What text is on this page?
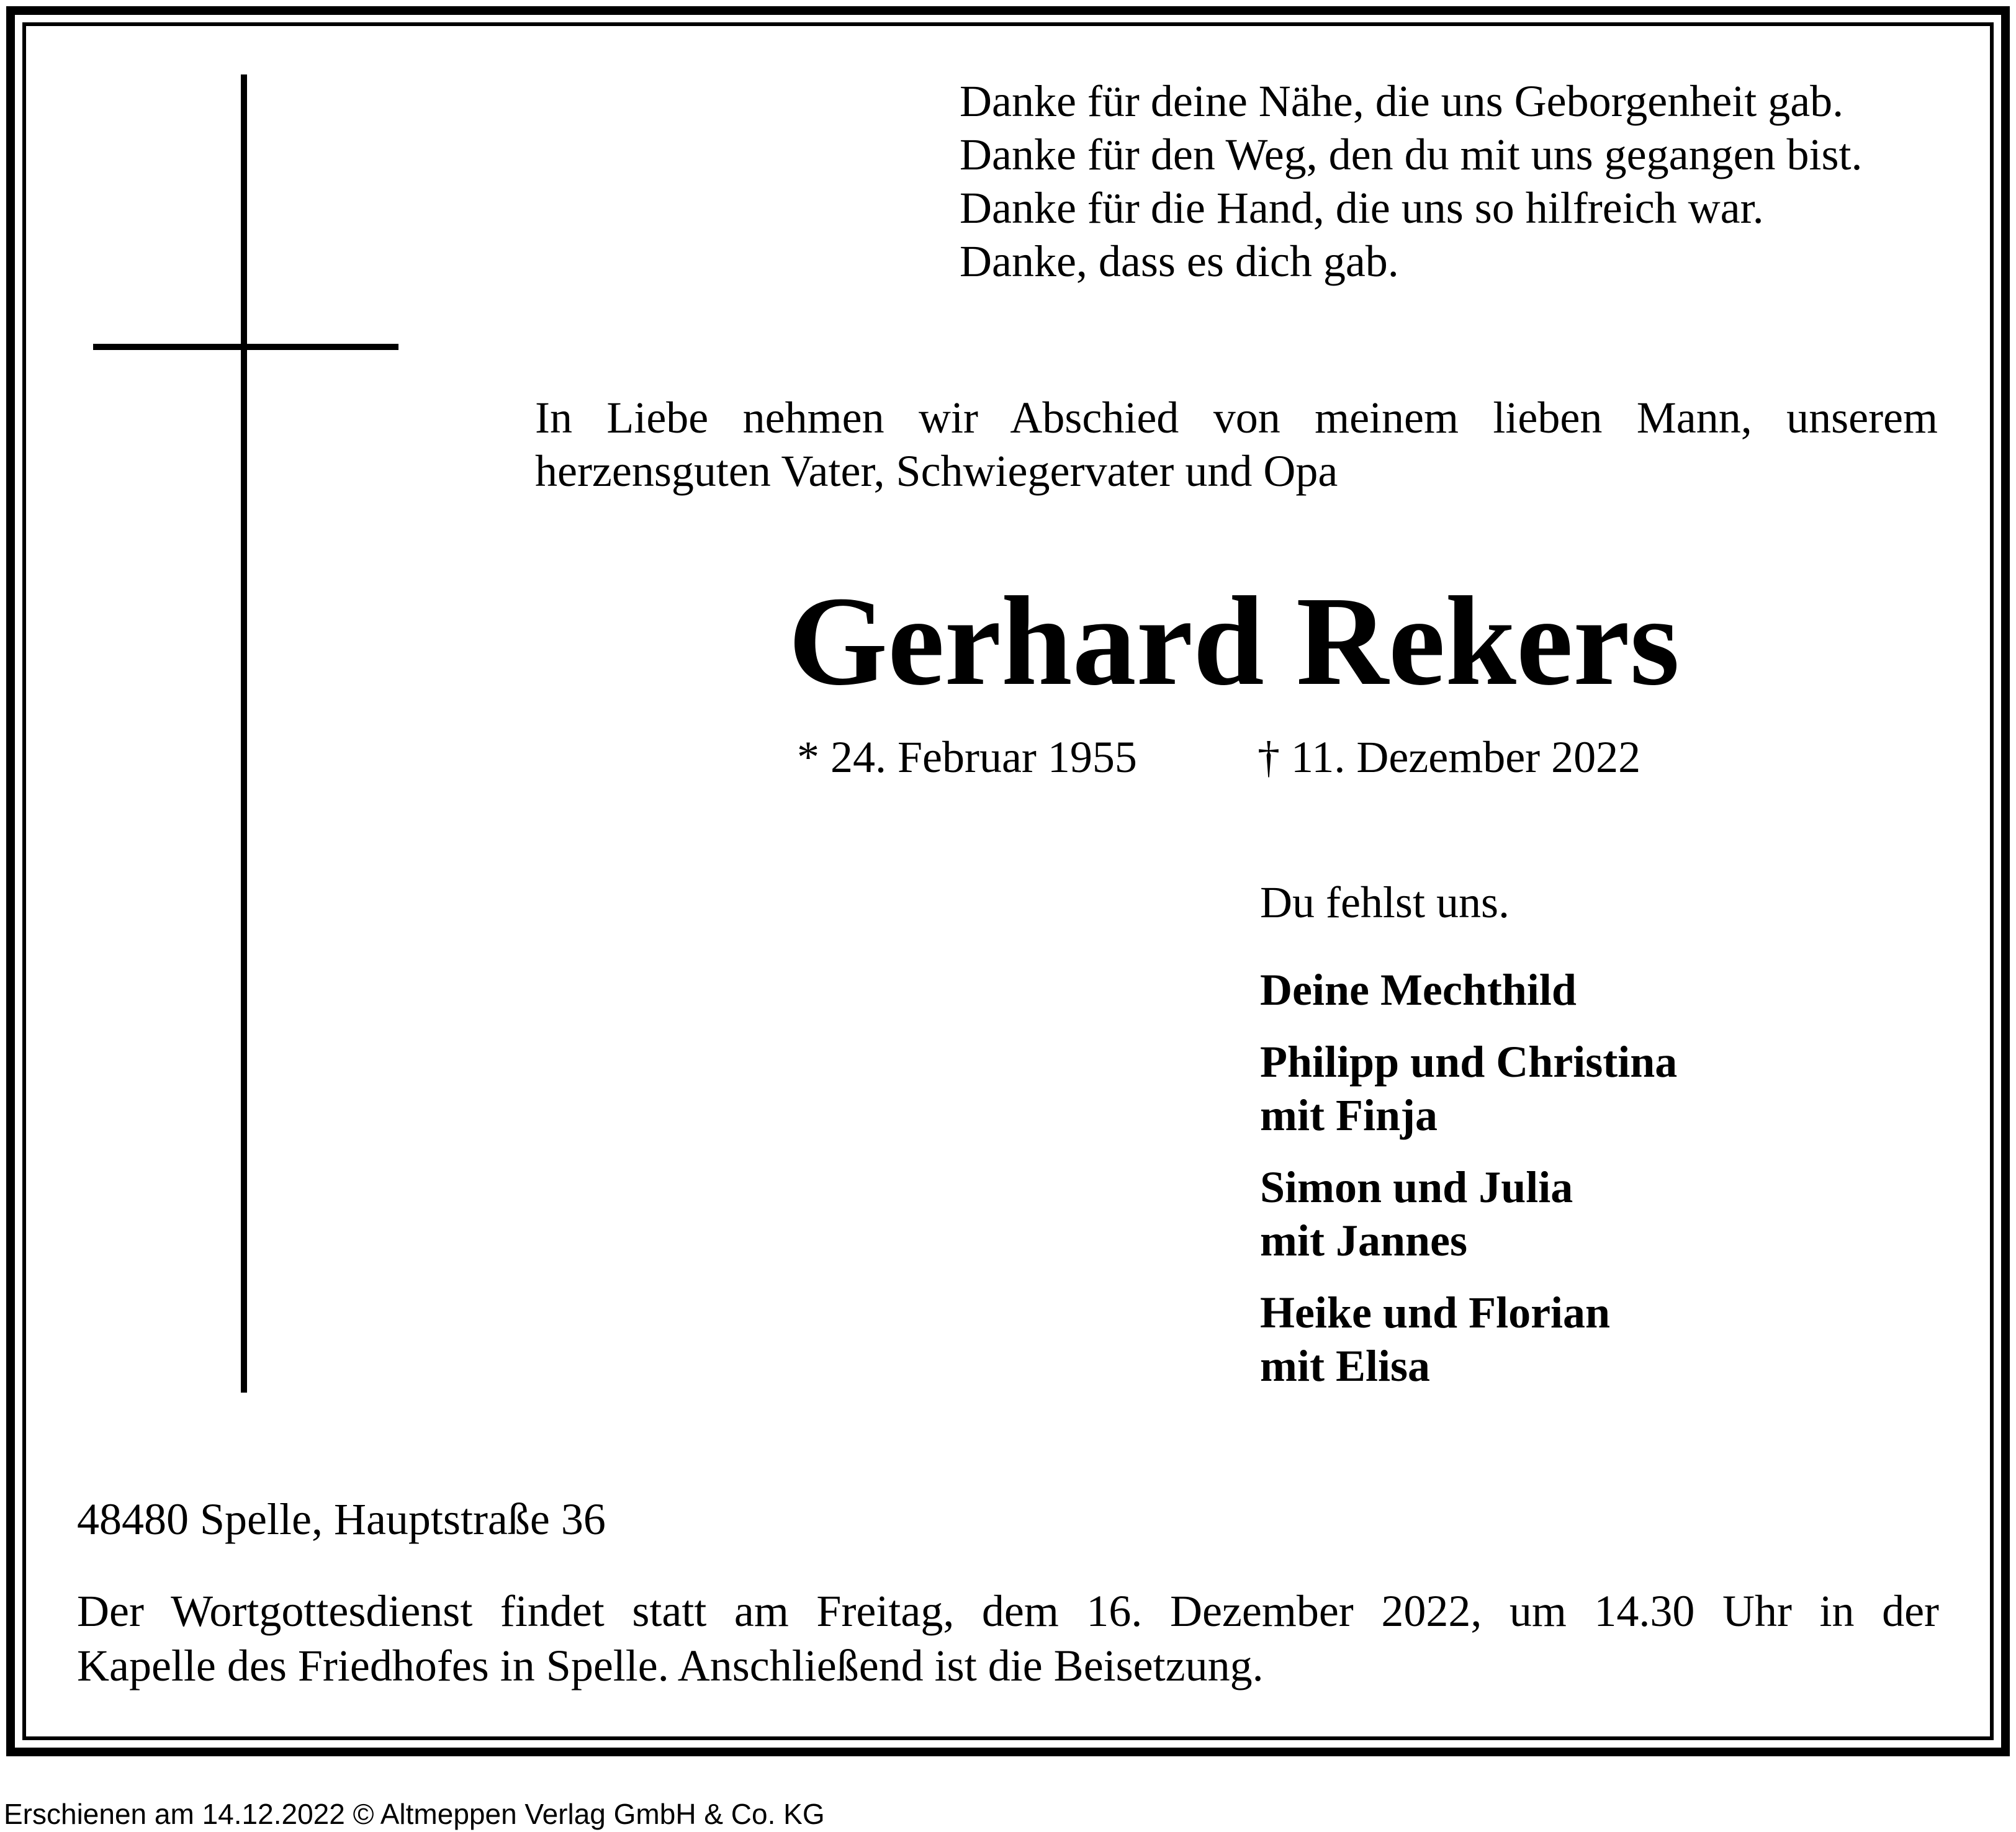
Danke für deine Nähe, die uns Geborgenheit gab.
Danke für den Weg, den du mit uns gegangen bist.
Danke für die Hand, die uns so hilfreich war.
Danke, dass es dich gab.
In Liebe nehmen wir Abschied von meinem lieben Mann, unserem
herzensguten Vater, Schwiegervater und Opa
Gerhard Rekers
* 24. Februar 1955	† 11. Dezember 2022
Du fehlst uns.
Deine Mechthild
Philipp und Christina
mit Finja
Simon und Julia
mit Jannes
Heike und Florian
mit Elisa
48480 Spelle, Hauptstraße 36
Der Wortgottesdienst findet statt am Freitag, dem 16. Dezember 2022, um 14.30 Uhr in der
Kapelle des Friedhofes in Spelle. Anschließend ist die Beisetzung.
Erschienen am 14.12.2022 © Altmeppen Verlag GmbH & Co. KG
